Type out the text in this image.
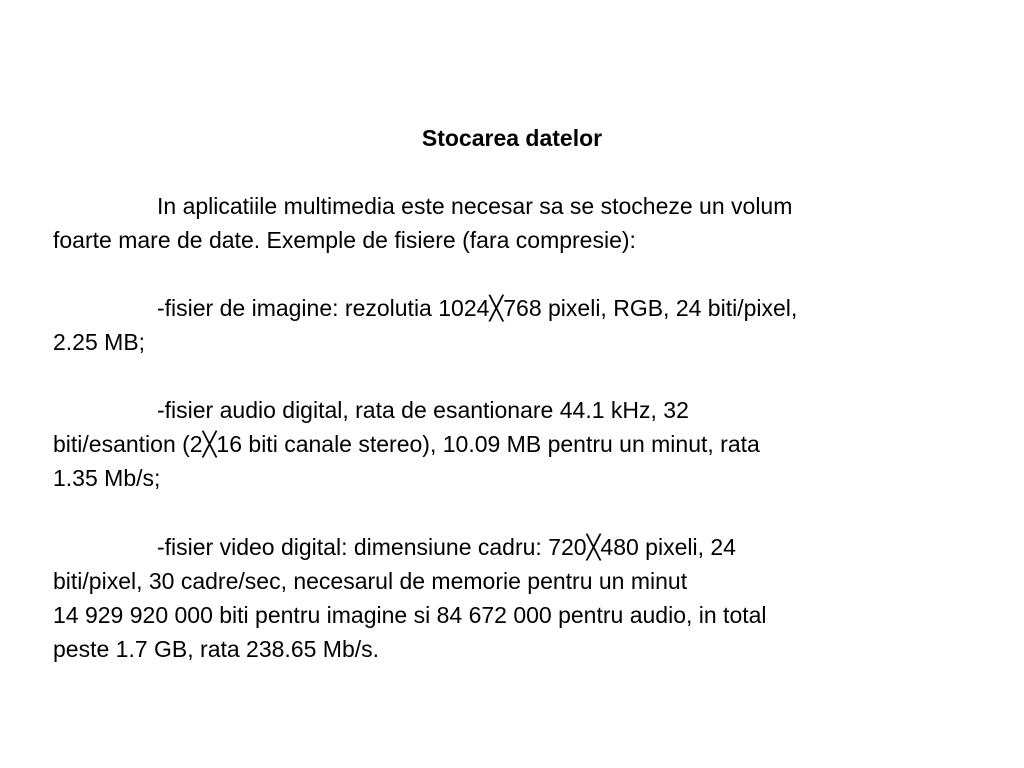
Stocarea datelor
In aplicatiile multimedia este necesar sa se stocheze un volum
foarte mare de date. Exemple de fisiere (fara compresie):
-fisier de imagine: rezolutia 1024╳768 pixeli, RGB, 24 biti/pixel,
2.25 MB;
-fisier audio digital, rata de esantionare 44.1 kHz, 32
biti/esantion (2╳16 biti canale stereo), 10.09 MB pentru un minut, rata
1.35 Mb/s;
-fisier video digital: dimensiune cadru: 720╳480 pixeli, 24
biti/pixel, 30 cadre/sec, necesarul de memorie pentru un minut
14 929 920 000 biti pentru imagine si 84 672 000 pentru audio, in total
peste 1.7 GB, rata 238.65 Mb/s.
